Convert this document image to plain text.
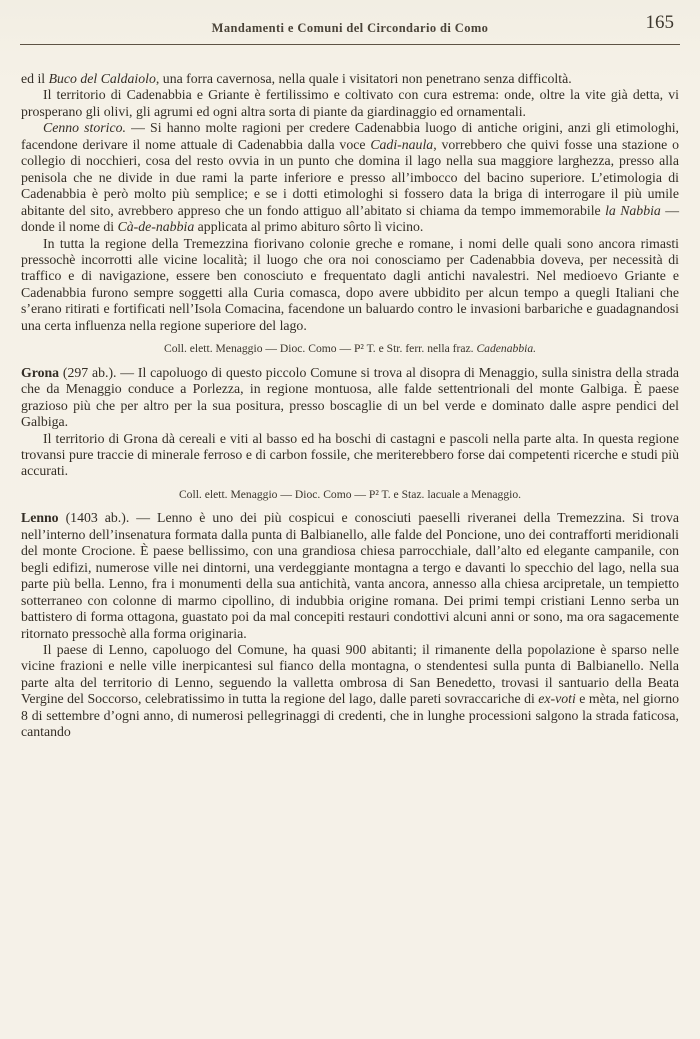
Mandamenti e Comuni del Circondario di Como	165

ed il Buco del Caldaiolo, una forra cavernosa, nella quale i visitatori non penetrano senza difficoltà.

Il territorio di Cadenabbia e Griante è fertilissimo e coltivato con cura estrema: onde, oltre la vite già detta, vi prosperano gli olivi, gli agrumi ed ogni altra sorta di piante da giardinaggio ed ornamentali.

Cenno storico. — Si hanno molte ragioni per credere Cadenabbia luogo di antiche origini, anzi gli etimologhi, facendone derivare il nome attuale di Cadenabbia dalla voce Cadi-naula, vorrebbero che quivi fosse una stazione o collegio di nocchieri, cosa del resto ovvia in un punto che domina il lago nella sua maggiore larghezza, presso alla penisola che ne divide in due rami la parte inferiore e presso all’imbocco del bacino superiore. L’etimologia di Cadenabbia è però molto più semplice; e se i dotti etimologhi si fossero data la briga di interrogare il più umile abitante del sito, avrebbero appreso che un fondo attiguo all’abitato si chiama da tempo immemorabile la Nabbia — donde il nome di Cà-de-nabbia applicata al primo abituro sôrto lì vicino.

In tutta la regione della Tremezzina fiorivano colonie greche e romane, i nomi delle quali sono ancora rimasti pressochè incorrotti alle vicine località; il luogo che ora noi conosciamo per Cadenabbia doveva, per necessità di traffico e di navigazione, essere ben conosciuto e frequentato dagli antichi navalestri. Nel medioevo Griante e Cadenabbia furono sempre soggetti alla Curia comasca, dopo avere ubbidito per alcun tempo a quegli Italiani che s’erano ritirati e fortificati nell’Isola Comacina, facendone un baluardo contro le invasioni barbariche e guadagnandosi una certa influenza nella regione superiore del lago.

Coll. elett. Menaggio — Dioc. Como — P² T. e Str. ferr. nella fraz. Cadenabbia.

Grona (297 ab.). — Il capoluogo di questo piccolo Comune si trova al disopra di Menaggio, sulla sinistra della strada che da Menaggio conduce a Porlezza, in regione montuosa, alle falde settentrionali del monte Galbiga. È paese grazioso più che per altro per la sua positura, presso boscaglie di un bel verde e dominato dalle aspre pendici del Galbiga.

Il territorio di Grona dà cereali e viti al basso ed ha boschi di castagni e pascoli nella parte alta. In questa regione trovansi pure traccie di minerale ferroso e di carbon fossile, che meriterebbero forse dai competenti ricerche e studi più accurati.

Coll. elett. Menaggio — Dioc. Como — P² T. e Staz. lacuale a Menaggio.

Lenno (1403 ab.). — Lenno è uno dei più cospicui e conosciuti paeselli riveranei della Tremezzina. Si trova nell’interno dell’insenatura formata dalla punta di Balbianello, alle falde del Poncione, uno dei contrafforti meridionali del monte Crocione. È paese bellissimo, con una grandiosa chiesa parrocchiale, dall’alto ed elegante campanile, con begli edifizi, numerose ville nei dintorni, una verdeggiante montagna a tergo e davanti lo specchio del lago, nella sua parte più bella. Lenno, fra i monumenti della sua antichità, vanta ancora, annesso alla chiesa arcipretale, un tempietto sotterraneo con colonne di marmo cipollino, di indubbia origine romana. Dei primi tempi cristiani Lenno serba un battistero di forma ottagona, guastato poi da mal concepiti restauri condottivi alcuni anni or sono, ma ora sagacemente ritornato pressochè alla forma originaria.

Il paese di Lenno, capoluogo del Comune, ha quasi 900 abitanti; il rimanente della popolazione è sparso nelle vicine frazioni e nelle ville inerpicantesi sul fianco della montagna, o stendentesi sulla punta di Balbianello. Nella parte alta del territorio di Lenno, seguendo la valletta ombrosa di San Benedetto, trovasi il santuario della Beata Vergine del Soccorso, celebratissimo in tutta la regione del lago, dalle pareti sovraccariche di ex-voti e mèta, nel giorno 8 di settembre d’ogni anno, di numerosi pellegrinaggi di credenti, che in lunghe processioni salgono la strada faticosa, cantando
